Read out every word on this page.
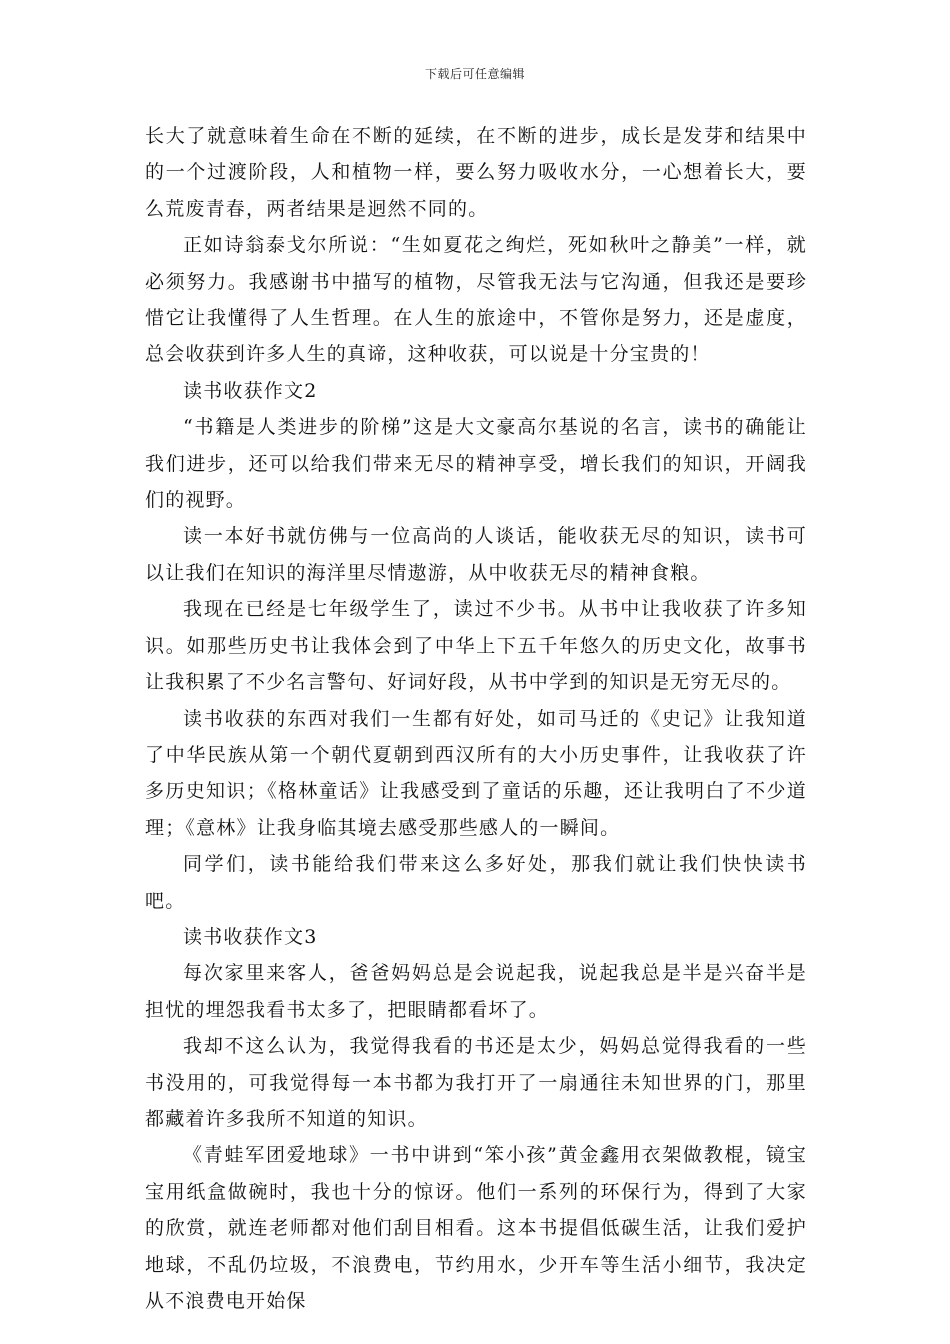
下载后可任意编辑

长大了就意味着生命在不断的延续，在不断的进步，成长是发芽和结果中的一个过渡阶段，人和植物一样，要么努力吸收水分，一心想着长大，要么荒废青春，两者结果是迥然不同的。

正如诗翁泰戈尔所说：“生如夏花之绚烂，死如秋叶之静美”一样，就必须努力。我感谢书中描写的植物，尽管我无法与它沟通，但我还是要珍惜它让我懂得了人生哲理。在人生的旅途中，不管你是努力，还是虚度，总会收获到许多人生的真谛，这种收获，可以说是十分宝贵的！

读书收获作文2

“书籍是人类进步的阶梯”这是大文豪高尔基说的名言，读书的确能让我们进步，还可以给我们带来无尽的精神享受，增长我们的知识，开阔我们的视野。

读一本好书就仿佛与一位高尚的人谈话，能收获无尽的知识，读书可以让我们在知识的海洋里尽情遨游，从中收获无尽的精神食粮。

我现在已经是七年级学生了，读过不少书。从书中让我收获了许多知识。如那些历史书让我体会到了中华上下五千年悠久的历史文化，故事书让我积累了不少名言警句、好词好段，从书中学到的知识是无穷无尽的。

读书收获的东西对我们一生都有好处，如司马迁的《史记》让我知道了中华民族从第一个朝代夏朝到西汉所有的大小历史事件，让我收获了许多历史知识；《格林童话》让我感受到了童话的乐趣，还让我明白了不少道理；《意林》让我身临其境去感受那些感人的一瞬间。

同学们，读书能给我们带来这么多好处，那我们就让我们快快读书吧。

读书收获作文3

每次家里来客人，爸爸妈妈总是会说起我，说起我总是半是兴奋半是担忧的埋怨我看书太多了，把眼睛都看坏了。

我却不这么认为，我觉得我看的书还是太少，妈妈总觉得我看的一些书没用的，可我觉得每一本书都为我打开了一扇通往未知世界的门，那里都藏着许多我所不知道的知识。

《青蛙军团爱地球》一书中讲到“笨小孩”黄金鑫用衣架做教棍，镜宝宝用纸盒做碗时，我也十分的惊讶。他们一系列的环保行为，得到了大家的欣赏，就连老师都对他们刮目相看。这本书提倡低碳生活，让我们爱护地球，不乱仍垃圾，不浪费电，节约用水，少开车等生活小细节，我决定从不浪费电开始保
